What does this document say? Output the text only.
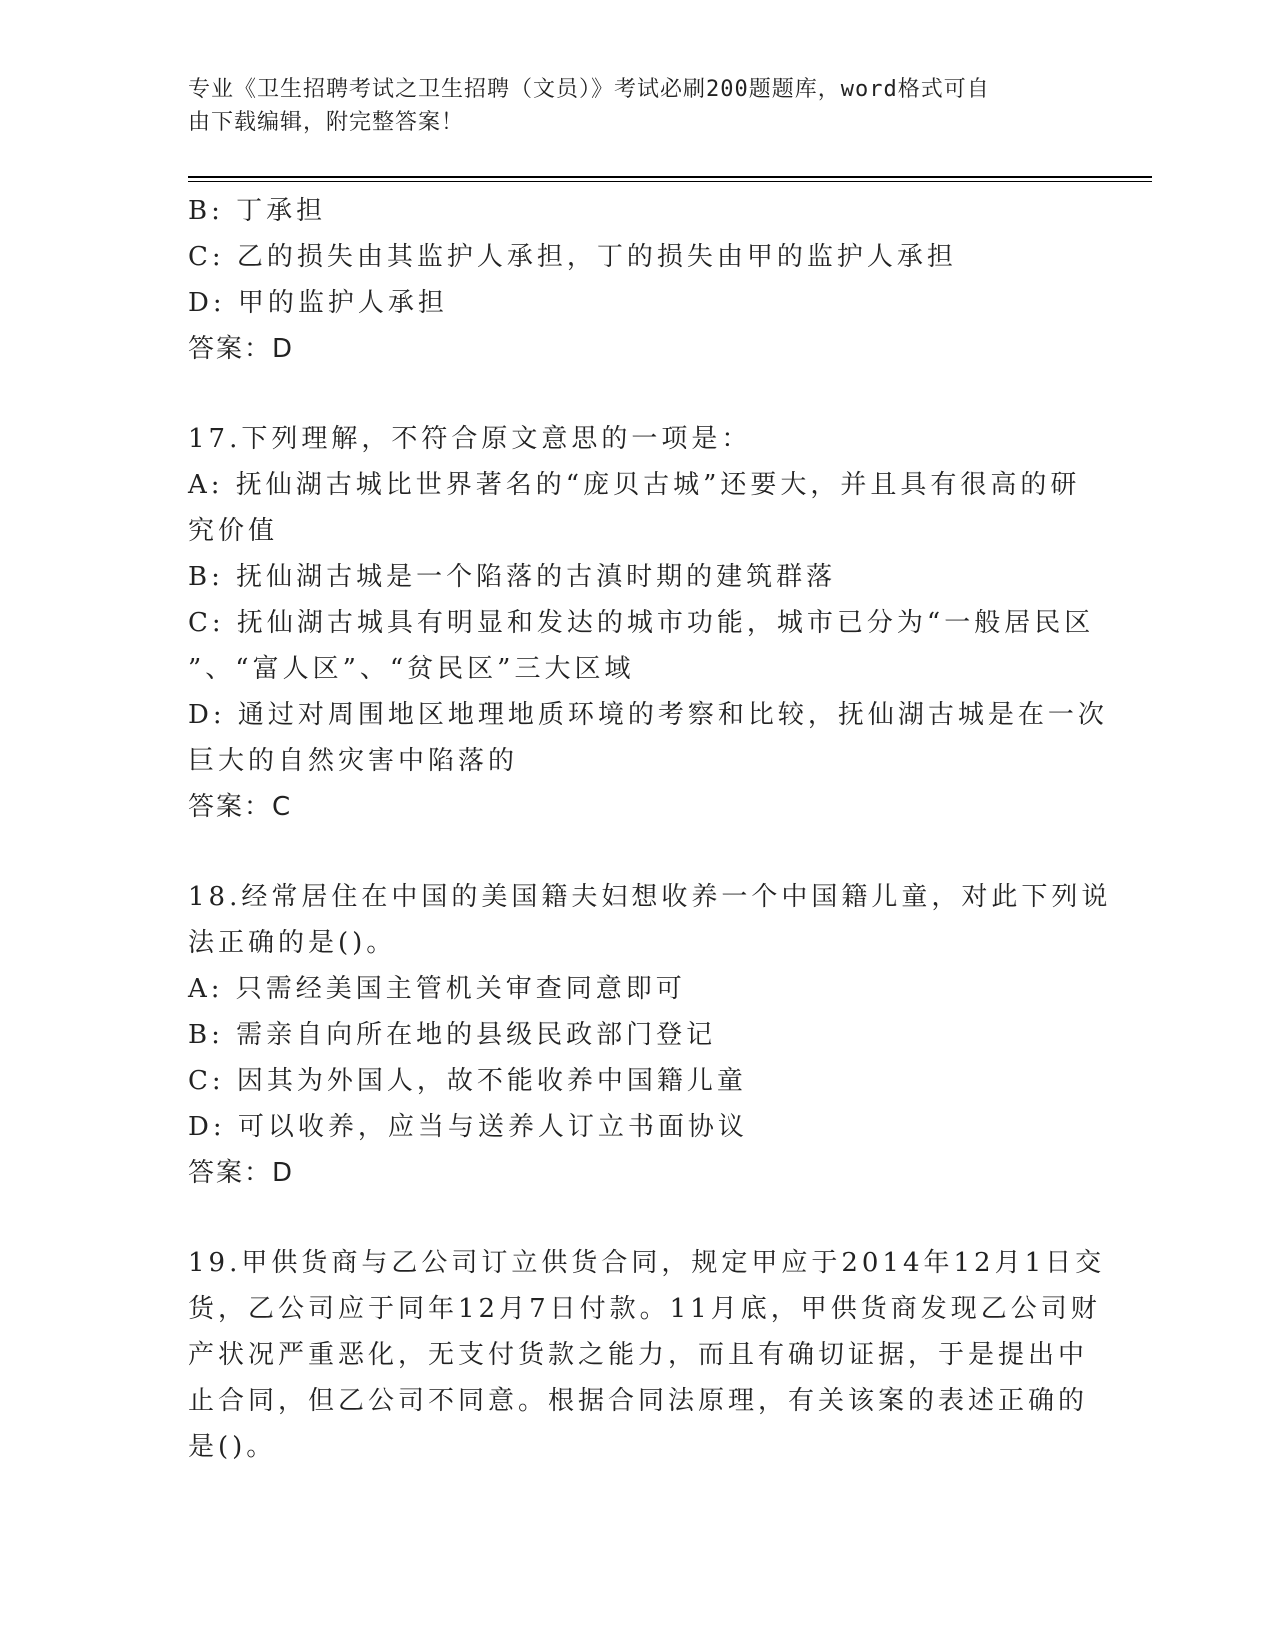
专业《卫生招聘考试之卫生招聘（文员）》考试必刷200题题库，word格式可自
由下载编辑，附完整答案！
B: 丁承担
C: 乙的损失由其监护人承担，丁的损失由甲的监护人承担
D: 甲的监护人承担
答案：D
17.下列理解，不符合原文意思的一项是：
A: 抚仙湖古城比世界著名的“庞贝古城”还要大，并且具有很高的研
究价值
B: 抚仙湖古城是一个陷落的古滇时期的建筑群落
C: 抚仙湖古城具有明显和发达的城市功能，城市已分为“一般居民区
”、“富人区”、“贫民区”三大区域
D: 通过对周围地区地理地质环境的考察和比较，抚仙湖古城是在一次
巨大的自然灾害中陷落的
答案：C
18.经常居住在中国的美国籍夫妇想收养一个中国籍儿童，对此下列说
法正确的是()。
A: 只需经美国主管机关审查同意即可
B: 需亲自向所在地的县级民政部门登记
C: 因其为外国人，故不能收养中国籍儿童
D: 可以收养，应当与送养人订立书面协议
答案：D
19.甲供货商与乙公司订立供货合同，规定甲应于2014年12月1日交
货，乙公司应于同年12月7日付款。11月底，甲供货商发现乙公司财
产状况严重恶化，无支付货款之能力，而且有确切证据，于是提出中
止合同，但乙公司不同意。根据合同法原理，有关该案的表述正确的
是()。
